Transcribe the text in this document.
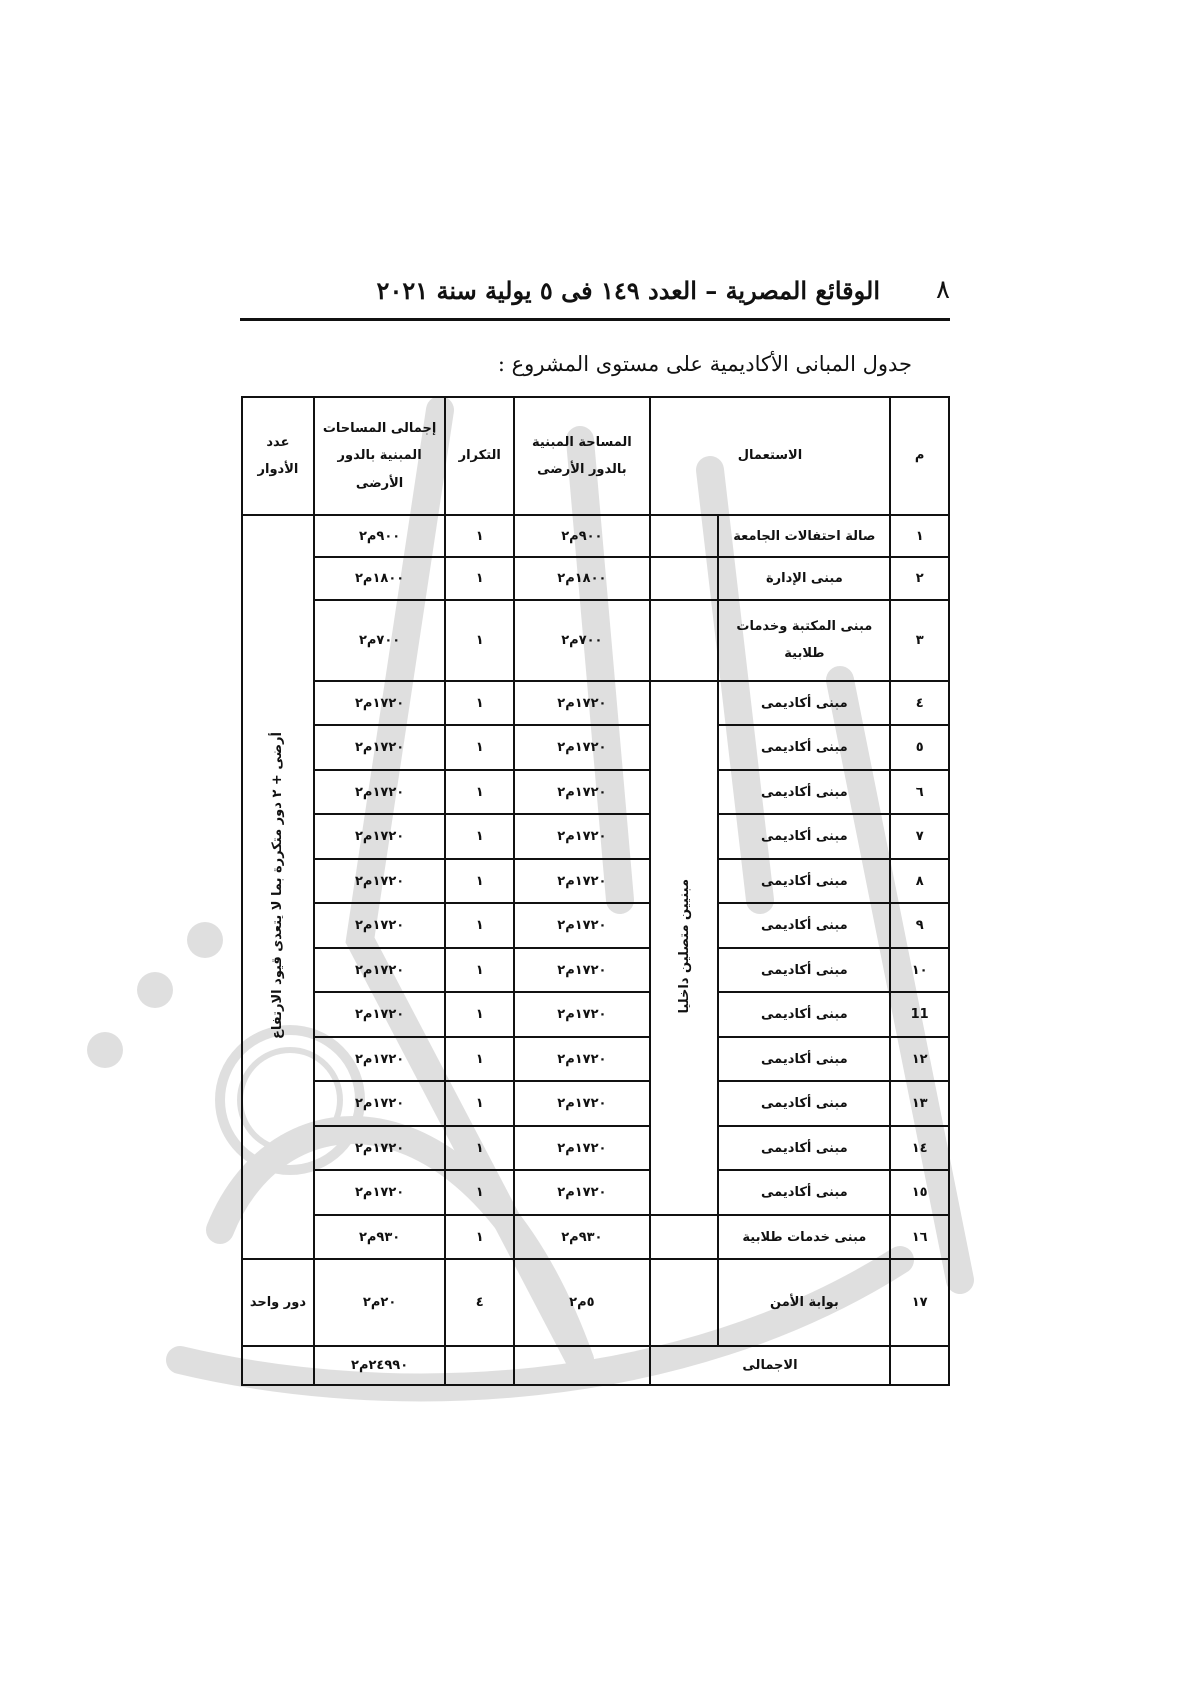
٨
الوقائع المصرية – العدد ١٤٩ فى ٥ يولية سنة ٢٠٢١
جدول المبانى الأكاديمية على مستوى المشروع :
م	الاستعمال		المساحة المبنية بالدور الأرضى	التكرار	إجمالى المساحات المبنية بالدور الأرضى	عدد الأدوار
١	صالة احتفالات الجامعة		٩٠٠م٢	١	٩٠٠م٢	أرضى + ٢ دور متكررة بما لا يتعدى قيود الارتفاع
٢	مبنى الإدارة		١٨٠٠م٢	١	١٨٠٠م٢	
٣	مبنى المكتبة وخدمات طلابية		٧٠٠م٢	١	٧٠٠م٢	
٤	مبنى أكاديمى	مبنيين متصلين داخليا	١٧٢٠م٢	١	١٧٢٠م٢	
٥	مبنى أكاديمى		١٧٢٠م٢	١	١٧٢٠م٢	
٦	مبنى أكاديمى		١٧٢٠م٢	١	١٧٢٠م٢	
٧	مبنى أكاديمى		١٧٢٠م٢	١	١٧٢٠م٢	
٨	مبنى أكاديمى		١٧٢٠م٢	١	١٧٢٠م٢	
٩	مبنى أكاديمى		١٧٢٠م٢	١	١٧٢٠م٢	
١٠	مبنى أكاديمى		١٧٢٠م٢	١	١٧٢٠م٢	
11	مبنى أكاديمى		١٧٢٠م٢	١	١٧٢٠م٢	
١٢	مبنى أكاديمى		١٧٢٠م٢	١	١٧٢٠م٢	
١٣	مبنى أكاديمى		١٧٢٠م٢	١	١٧٢٠م٢	
١٤	مبنى أكاديمى		١٧٢٠م٢	١	١٧٢٠م٢	
١٥	مبنى أكاديمى		١٧٢٠م٢	١	١٧٢٠م٢	
١٦	مبنى خدمات طلابية		٩٣٠م٢	١	٩٣٠م٢	
١٧	بوابة الأمن		٥م٢	٤	٢٠م٢	دور واحد
	الاجمالى				٢٤٩٩٠م٢	
